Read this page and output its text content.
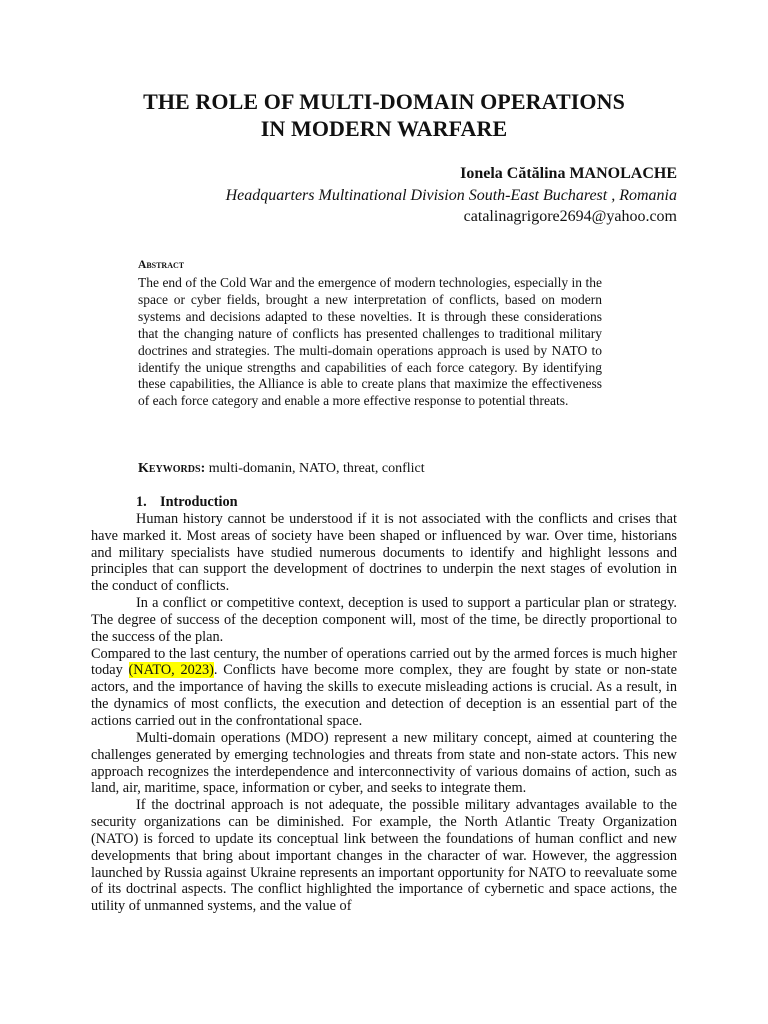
THE ROLE OF MULTI-DOMAIN OPERATIONS
IN MODERN WARFARE
Ionela Cătălina MANOLACHE
Headquarters Multinational Division South-East Bucharest , Romania
catalinagrigore2694@yahoo.com
Abstract

The end of the Cold War and the emergence of modern technologies, especially in the space or cyber fields, brought a new interpretation of conflicts, based on modern systems and decisions adapted to these novelties. It is through these considerations that the changing nature of conflicts has presented challenges to traditional military doctrines and strategies. The multi-domain operations approach is used by NATO to identify the unique strengths and capabilities of each force category. By identifying these capabilities, the Alliance is able to create plans that maximize the effectiveness of each force category and enable a more effective response to potential threats.

Keywords: multi-domanin, NATO, threat, conflict
1. Introduction

Human history cannot be understood if it is not associated with the conflicts and crises that have marked it. Most areas of society have been shaped or influenced by war. Over time, historians and military specialists have studied numerous documents to identify and highlight lessons and principles that can support the development of doctrines to underpin the next stages of evolution in the conduct of conflicts.

In a conflict or competitive context, deception is used to support a particular plan or strategy. The degree of success of the deception component will, most of the time, be directly proportional to the success of the plan.

Compared to the last century, the number of operations carried out by the armed forces is much higher today (NATO, 2023). Conflicts have become more complex, they are fought by state or non-state actors, and the importance of having the skills to execute misleading actions is crucial. As a result, in the dynamics of most conflicts, the execution and detection of deception is an essential part of the actions carried out in the confrontational space.

Multi-domain operations (MDO) represent a new military concept, aimed at countering the challenges generated by emerging technologies and threats from state and non-state actors. This new approach recognizes the interdependence and interconnectivity of various domains of action, such as land, air, maritime, space, information or cyber, and seeks to integrate them.

If the doctrinal approach is not adequate, the possible military advantages available to the security organizations can be diminished. For example, the North Atlantic Treaty Organization (NATO) is forced to update its conceptual link between the foundations of human conflict and new developments that bring about important changes in the character of war. However, the aggression launched by Russia against Ukraine represents an important opportunity for NATO to reevaluate some of its doctrinal aspects. The conflict highlighted the importance of cybernetic and space actions, the utility of unmanned systems, and the value of
